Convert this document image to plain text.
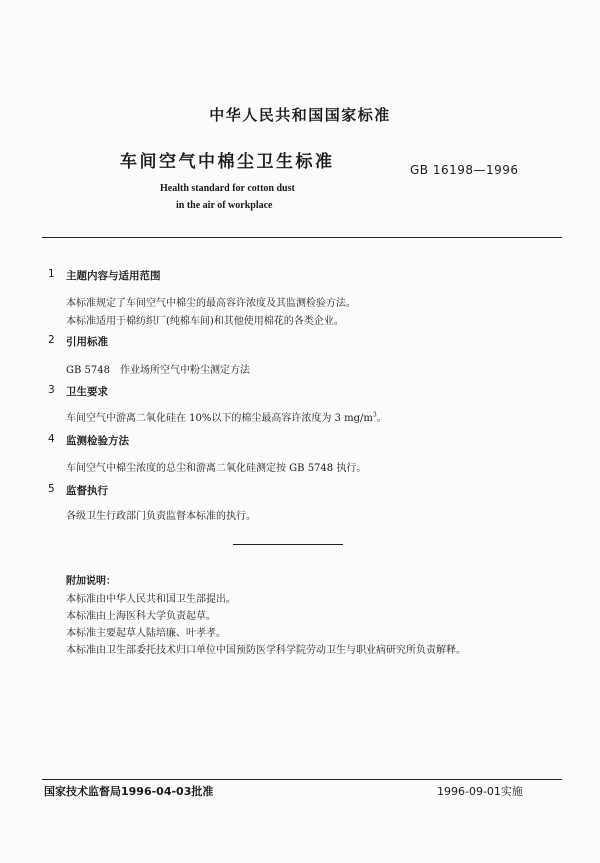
中华人民共和国国家标准
车间空气中棉尘卫生标准	GB 16198—1996
Health standard for cotton dust
in the air of workplace
1 主题内容与适用范围
本标准规定了车间空气中棉尘的最高容许浓度及其监测检验方法。
本标准适用于棉纺织厂(纯棉车间)和其他使用棉花的各类企业。
2 引用标准
GB 5748　作业场所空气中粉尘测定方法
3 卫生要求
车间空气中游离二氧化硅在 10%以下的棉尘最高容许浓度为 3 $mg/m^3$。
4 监测检验方法
车间空气中棉尘浓度的总尘和游离二氧化硅测定按 GB 5748 执行。
5 监督执行
各级卫生行政部门负责监督本标准的执行。
附加说明：
本标准由中华人民共和国卫生部提出。
本标准由上海医科大学负责起草。
本标准主要起草人陆培廉、叶孝孝。
本标准由卫生部委托技术归口单位中国预防医学科学院劳动卫生与职业病研究所负责解释。
国家技术监督局1996-04-03批准	1996-09-01实施
